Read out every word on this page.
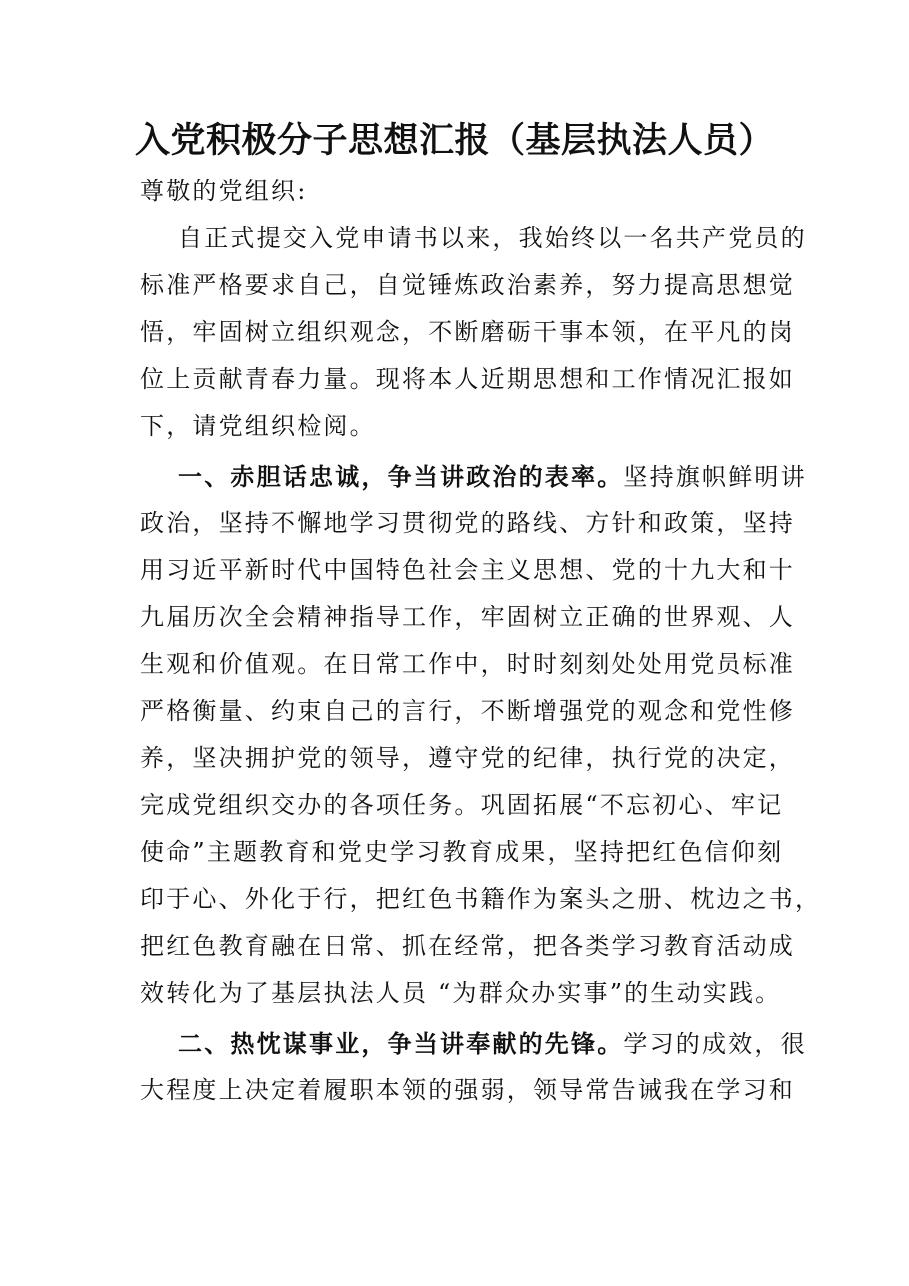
入党积极分子思想汇报（基层执法人员）
尊敬的党组织:
自正式提交入党申请书以来，我始终以一名共产党员的
标准严格要求自己，自觉锤炼政治素养，努力提高思想觉
悟，牢固树立组织观念，不断磨砺干事本领，在平凡的岗
位上贡献青春力量。现将本人近期思想和工作情况汇报如
下，请党组织检阅。
一、赤胆话忠诚，争当讲政治的表率。坚持旗帜鲜明讲
政治，坚持不懈地学习贯彻党的路线、方针和政策，坚持
用习近平新时代中国特色社会主义思想、党的十九大和十
九届历次全会精神指导工作，牢固树立正确的世界观、人
生观和价值观。在日常工作中，时时刻刻处处用党员标准
严格衡量、约束自己的言行，不断增强党的观念和党性修
养，坚决拥护党的领导，遵守党的纪律，执行党的决定，
完成党组织交办的各项任务。巩固拓展“不忘初心、牢记
使命”主题教育和党史学习教育成果，坚持把红色信仰刻
印于心、外化于行，把红色书籍作为案头之册、枕边之书，
把红色教育融在日常、抓在经常，把各类学习教育活动成
效转化为了基层执法人员 “为群众办实事”的生动实践。
二、热忱谋事业，争当讲奉献的先锋。学习的成效，很
大程度上决定着履职本领的强弱，领导常告诫我在学习和
